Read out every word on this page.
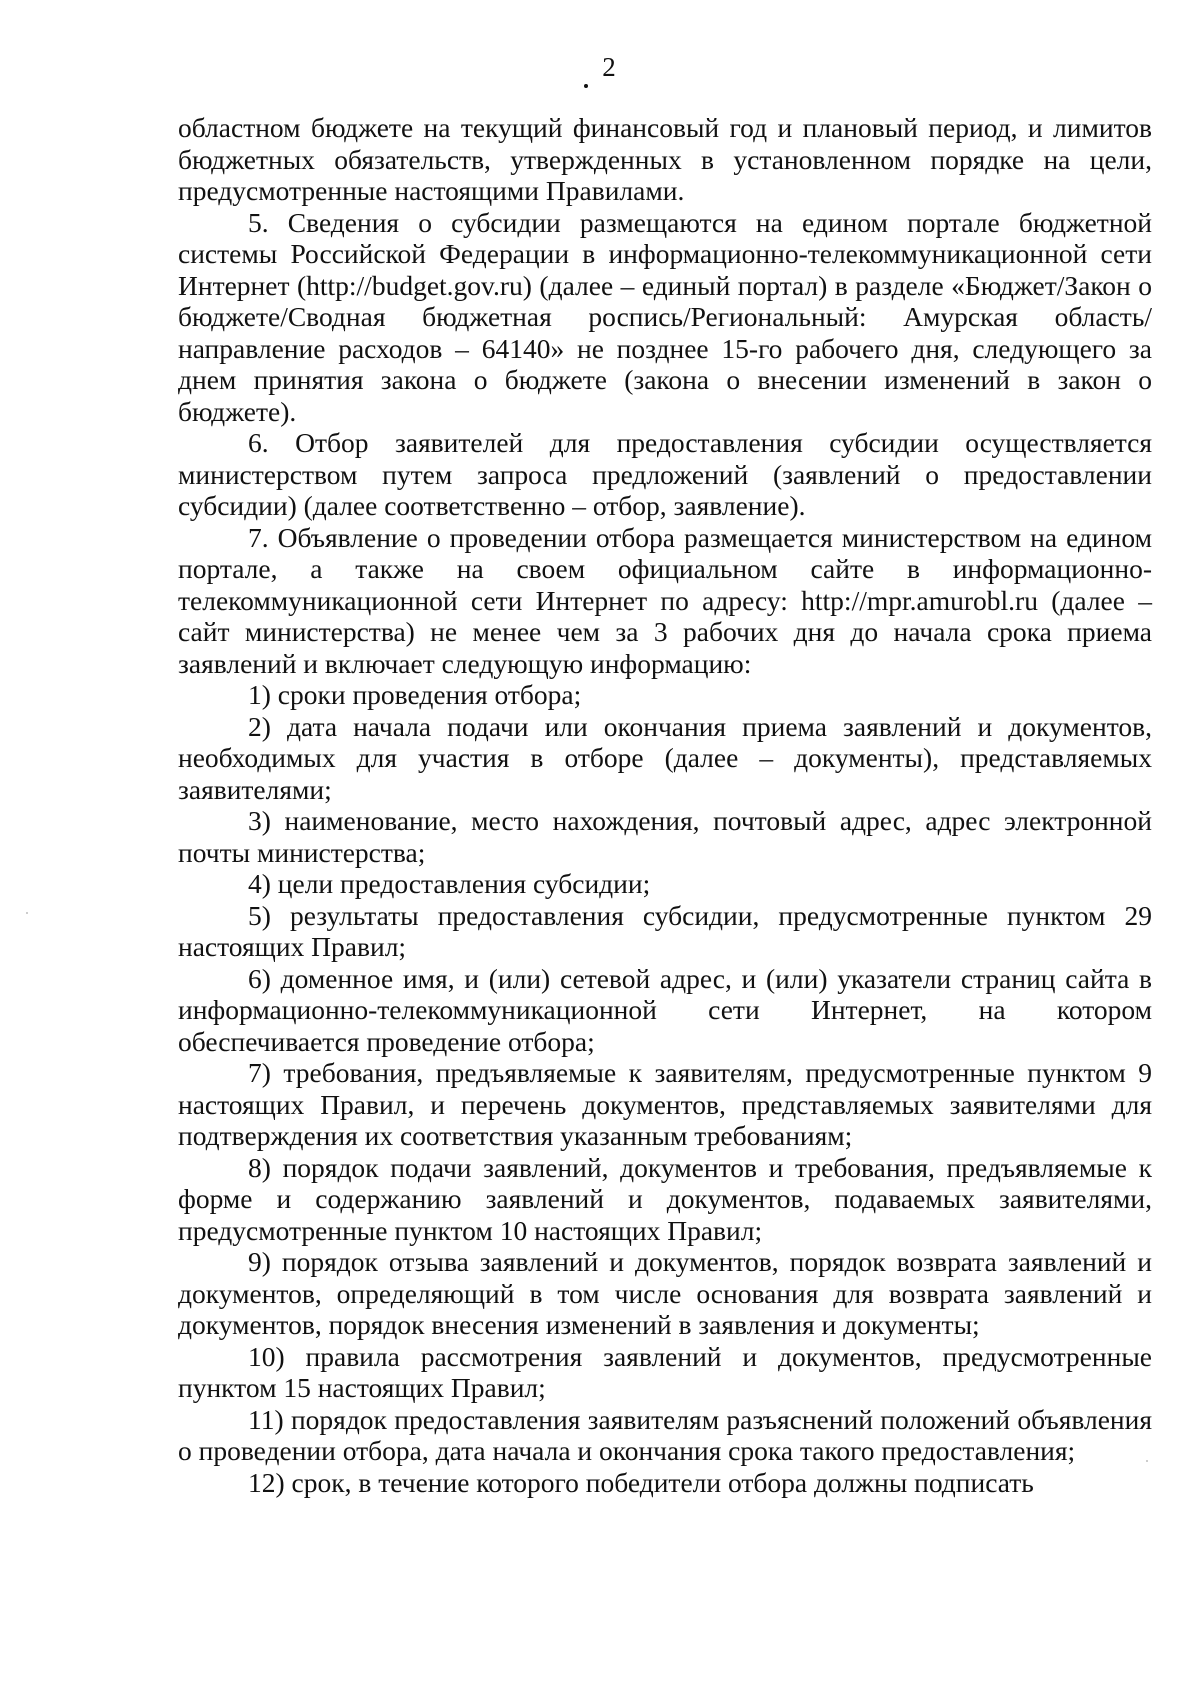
2

областном бюджете на текущий финансовый год и плановый период, и лимитов бюджетных обязательств, утвержденных в установленном порядке на цели, предусмотренные настоящими Правилами.

5. Сведения о субсидии размещаются на едином портале бюджетной системы Российской Федерации в информационно-телекоммуникационной сети Интернет (http://budget.gov.ru) (далее – единый портал) в разделе «Бюджет/Закон о бюджете/Сводная бюджетная роспись/Региональный: Амурская область/направление расходов – 64140» не позднее 15-го рабочего дня, следующего за днем принятия закона о бюджете (закона о внесении изменений в закон о бюджете).

6. Отбор заявителей для предоставления субсидии осуществляется министерством путем запроса предложений (заявлений о предоставлении субсидии) (далее соответственно – отбор, заявление).

7. Объявление о проведении отбора размещается министерством на едином портале, а также на своем официальном сайте в информационно-телекоммуникационной сети Интернет по адресу: http://mpr.amurobl.ru (далее – сайт министерства) не менее чем за 3 рабочих дня до начала срока приема заявлений и включает следующую информацию:

1) сроки проведения отбора;

2) дата начала подачи или окончания приема заявлений и документов, необходимых для участия в отборе (далее – документы), представляемых заявителями;

3) наименование, место нахождения, почтовый адрес, адрес электронной почты министерства;

4) цели предоставления субсидии;

5) результаты предоставления субсидии, предусмотренные пунктом 29 настоящих Правил;

6) доменное имя, и (или) сетевой адрес, и (или) указатели страниц сайта в информационно-телекоммуникационной сети Интернет, на котором обеспечивается проведение отбора;

7) требования, предъявляемые к заявителям, предусмотренные пунктом 9 настоящих Правил, и перечень документов, представляемых заявителями для подтверждения их соответствия указанным требованиям;

8) порядок подачи заявлений, документов и требования, предъявляемые к форме и содержанию заявлений и документов, подаваемых заявителями, предусмотренные пунктом 10 настоящих Правил;

9) порядок отзыва заявлений и документов, порядок возврата заявлений и документов, определяющий в том числе основания для возврата заявлений и документов, порядок внесения изменений в заявления и документы;

10) правила рассмотрения заявлений и документов, предусмотренные пунктом 15 настоящих Правил;

11) порядок предоставления заявителям разъяснений положений объявления о проведении отбора, дата начала и окончания срока такого предоставления;

12) срок, в течение которого победители отбора должны подписать
